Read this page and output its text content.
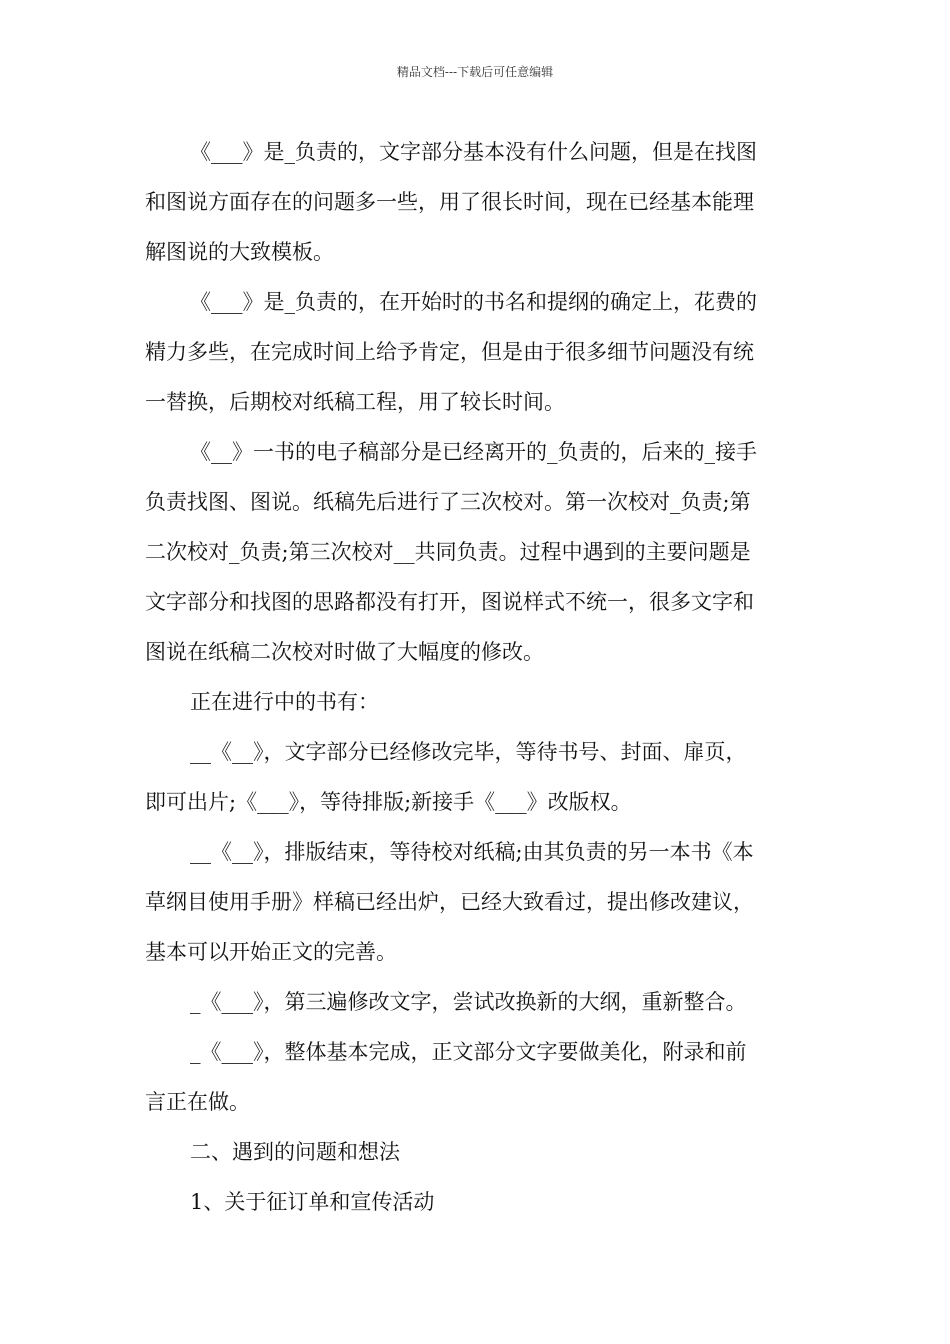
精品文档---下载后可任意编辑
《___》是_负责的，文字部分基本没有什么问题，但是在找图
和图说方面存在的问题多一些，用了很长时间，现在已经基本能理
解图说的大致模板。
《___》是_负责的，在开始时的书名和提纲的确定上，花费的
精力多些，在完成时间上给予肯定，但是由于很多细节问题没有统
一替换，后期校对纸稿工程，用了较长时间。
《__》一书的电子稿部分是已经离开的_负责的，后来的_接手
负责找图、图说。纸稿先后进行了三次校对。第一次校对_负责;第
二次校对_负责;第三次校对__共同负责。过程中遇到的主要问题是
文字部分和找图的思路都没有打开，图说样式不统一，很多文字和
图说在纸稿二次校对时做了大幅度的修改。
正在进行中的书有：
__《__》，文字部分已经修改完毕，等待书号、封面、扉页，
即可出片;《___》，等待排版;新接手《___》改版权。
__《__》，排版结束，等待校对纸稿;由其负责的另一本书《本
草纲目使用手册》样稿已经出炉，已经大致看过，提出修改建议，
基本可以开始正文的完善。
_《___》，第三遍修改文字，尝试改换新的大纲，重新整合。
_《___》，整体基本完成，正文部分文字要做美化，附录和前
言正在做。
二、遇到的问题和想法
1、关于征订单和宣传活动
